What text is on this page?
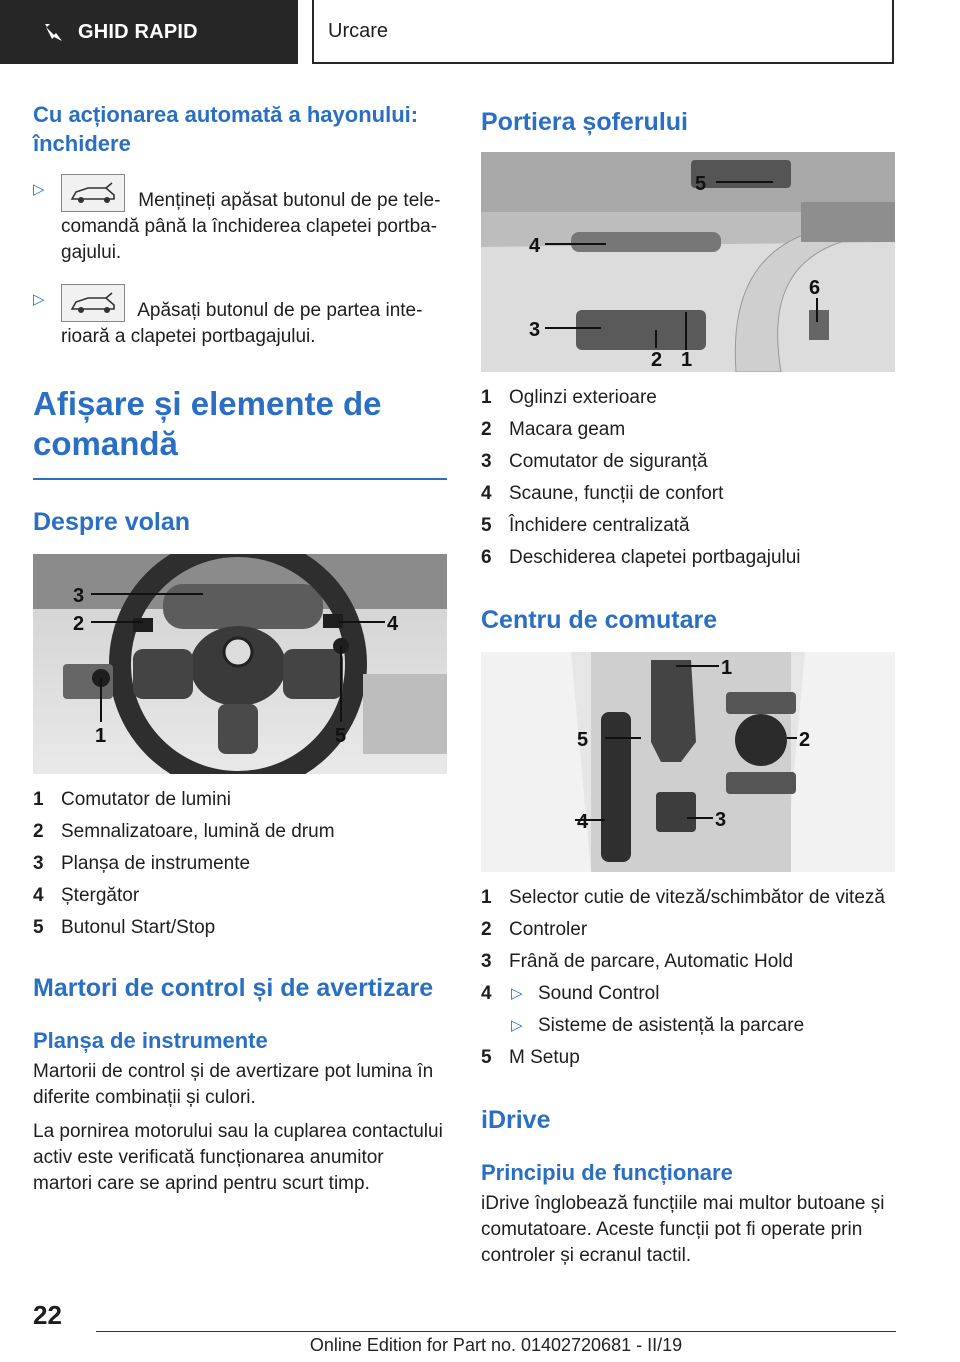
GHID RAPID	Urcare
Cu acționarea automată a hayonului: închidere
▷
Mențineți apăsat butonul de pe telecomandă până la închiderea clapetei portbagajului.
▷
Apăsați butonul de pe partea interioară a clapetei portbagajului.
Afișare și elemente de comandă
Despre volan
3
2	4
1	5
1 Comutator de lumini
2 Semnalizatoare, lumină de drum
3 Planșa de instrumente
4 Ștergător
5 Butonul Start/Stop
Martori de control și de avertizare
Planșa de instrumente

Martorii de control și de avertizare pot lumina în diferite combinații și culori.

La pornirea motorului sau la cuplarea contactului activ este verificată funcționarea anumitor martori care se aprind pentru scurt timp.

Portiera șoferului
5
4
3
2 1
6
1 Oglinzi exterioare
2 Macara geam
3 Comutator de siguranță
4 Scaune, funcții de confort
5 Închidere centralizată
6 Deschiderea clapetei portbagajului
Centru de comutare
1
5	2
4	3
1 Selector cutie de viteză/schimbător de viteză
2 Controler
3 Frână de parcare, Automatic Hold
4 ▷ Sound Control
▷ Sisteme de asistență la parcare
5 M Setup
iDrive
Principiu de funcționare

iDrive înglobează funcțiile mai multor butoane și comutatoare. Aceste funcții pot fi operate prin controler și ecranul tactil.

22
Online Edition for Part no. 01402720681 - II/19
